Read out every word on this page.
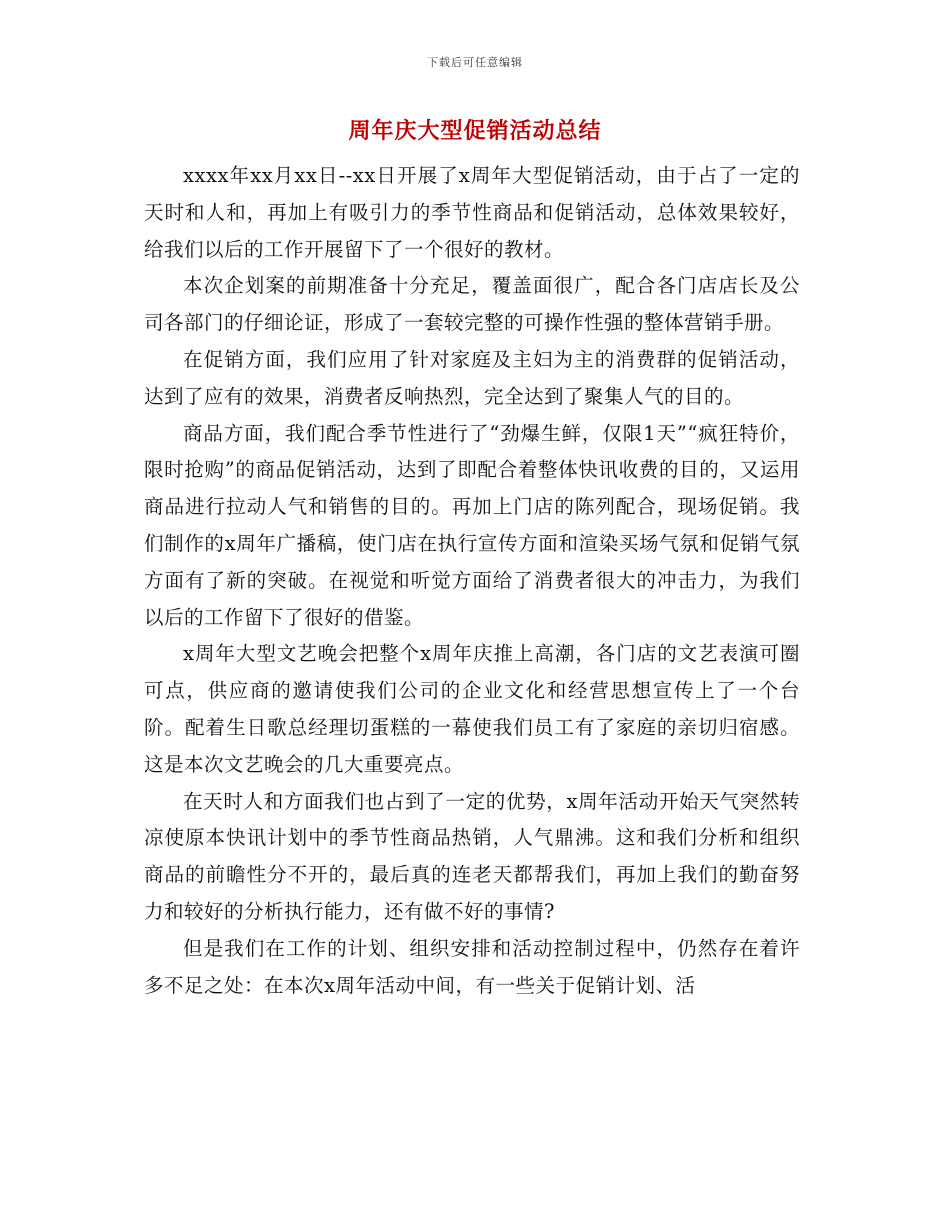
下载后可任意编辑
周年庆大型促销活动总结

xxxx年xx月xx日--xx日开展了x周年大型促销活动，由于占了一定的天时和人和，再加上有吸引力的季节性商品和促销活动，总体效果较好，给我们以后的工作开展留下了一个很好的教材。

本次企划案的前期准备十分充足，覆盖面很广，配合各门店店长及公司各部门的仔细论证，形成了一套较完整的可操作性强的整体营销手册。

在促销方面，我们应用了针对家庭及主妇为主的消费群的促销活动，达到了应有的效果，消费者反响热烈，完全达到了聚集人气的目的。

商品方面，我们配合季节性进行了“劲爆生鲜，仅限1天”“疯狂特价，限时抢购”的商品促销活动，达到了即配合着整体快讯收费的目的，又运用商品进行拉动人气和销售的目的。再加上门店的陈列配合，现场促销。我们制作的x周年广播稿，使门店在执行宣传方面和渲染买场气氛和促销气氛方面有了新的突破。在视觉和听觉方面给了消费者很大的冲击力，为我们以后的工作留下了很好的借鉴。

x周年大型文艺晚会把整个x周年庆推上高潮，各门店的文艺表演可圈可点，供应商的邀请使我们公司的企业文化和经营思想宣传上了一个台阶。配着生日歌总经理切蛋糕的一幕使我们员工有了家庭的亲切归宿感。这是本次文艺晚会的几大重要亮点。

在天时人和方面我们也占到了一定的优势，x周年活动开始天气突然转凉使原本快讯计划中的季节性商品热销，人气鼎沸。这和我们分析和组织商品的前瞻性分不开的，最后真的连老天都帮我们，再加上我们的勤奋努力和较好的分析执行能力，还有做不好的事情?

但是我们在工作的计划、组织安排和活动控制过程中，仍然存在着许多不足之处：在本次x周年活动中间，有一些关于促销计划、活
